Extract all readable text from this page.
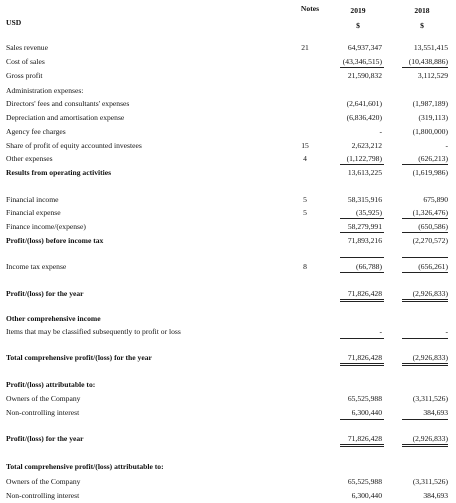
USD
Notes	2019	2018
$	$
Sales revenue	21	64,937,347	13,551,415
Cost of sales	(43,346,515)	(10,438,886)
Gross profit	21,590,832	3,112,529
Administration expenses:
Directors' fees and consultants' expenses	(2,641,601)	(1,987,189)
Depreciation and amortisation expense	(6,836,420)	(319,113)
Agency fee charges	-	(1,800,000)
Share of profit of equity accounted investees	15	2,623,212	-
Other expenses	4	(1,122,798)	(626,213)
Results from operating activities	13,613,225	(1,619,986)
Financial income	5	58,315,916	675,890
Financial expense	5	(35,925)	(1,326,476)
Finance income/(expense)	58,279,991	(650,586)
Profit/(loss) before income tax	71,893,216	(2,270,572)
Income tax expense	8	(66,788)	(656,261)
Profit/(loss) for the year	71,826,428	(2,926,833)
Other comprehensive income
Items that may be classified subsequently to profit or loss	-	-
Total comprehensive profit/(loss) for the year	71,826,428	(2,926,833)
Profit/(loss) attributable to:
Owners of the Company	65,525,988	(3,311,526)
Non-controlling interest	6,300,440	384,693
Profit/(loss) for the year	71,826,428	(2,926,833)
Total comprehensive profit/(loss) attributable to:
Owners of the Company	65,525,988	(3,311,526)
Non-controlling interest	6,300,440	384,693
